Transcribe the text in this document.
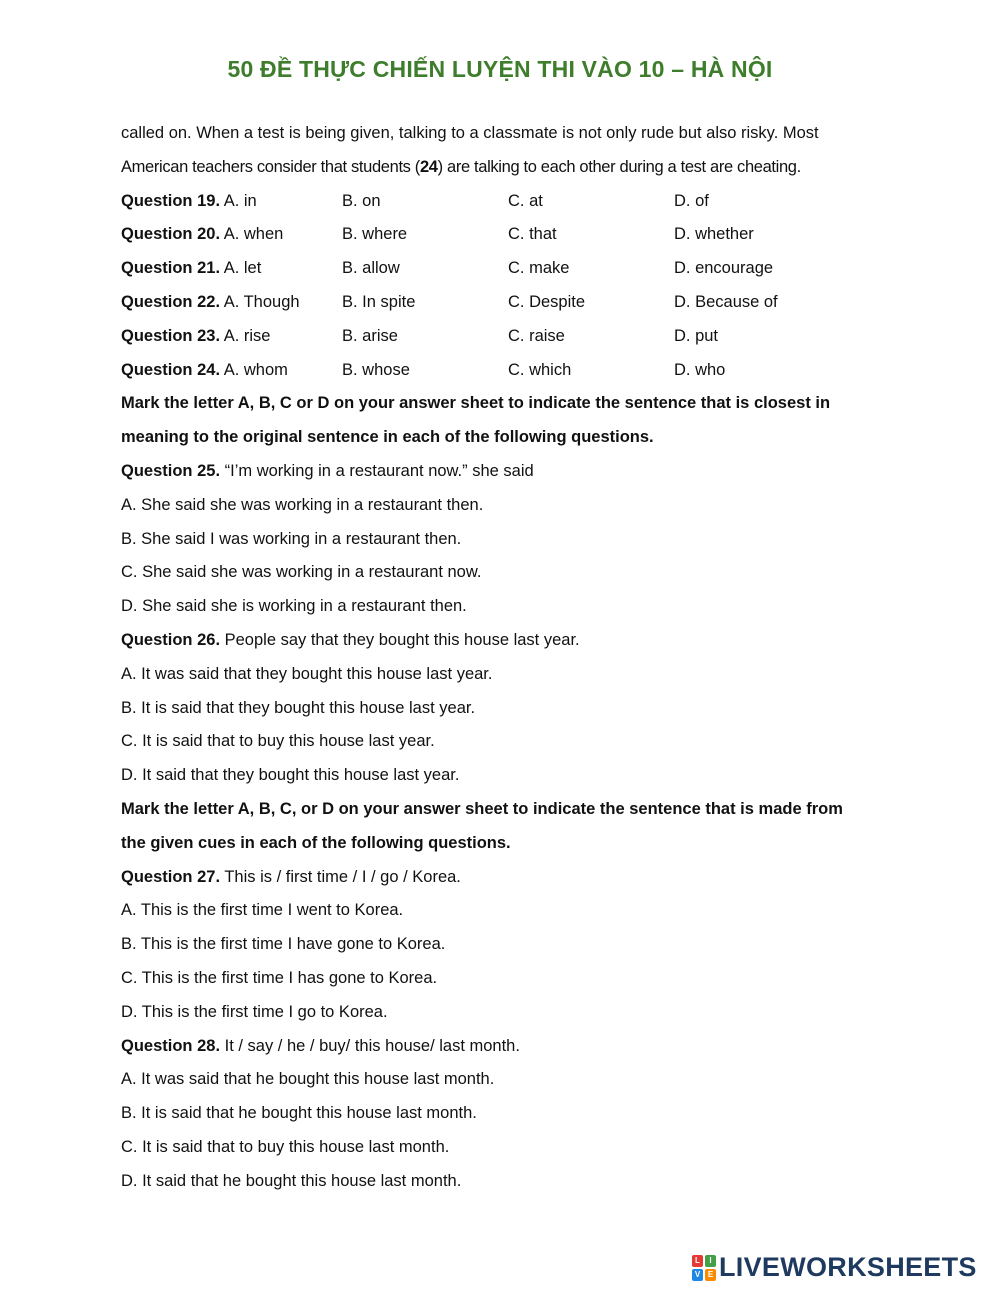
50 ĐỀ THỰC CHIẾN LUYỆN THI VÀO 10 – HÀ NỘI
called on. When a test is being given, talking to a classmate is not only rude but also risky. Most
American teachers consider that students (24) are talking to each other during a test are cheating.
Question 19. A. in	B. on	C. at	D. of
Question 20. A. when	B. where	C. that	D. whether
Question 21. A. let	B. allow	C. make	D. encourage
Question 22. A. Though	B. In spite	C. Despite	D. Because of
Question 23. A. rise	B. arise	C. raise	D. put
Question 24. A. whom	B. whose	C. which	D. who
Mark the letter A, B, C or D on your answer sheet to indicate the sentence that is closest in
meaning to the original sentence in each of the following questions.
Question 25. “I’m working in a restaurant now.” she said
A. She said she was working in a restaurant then.
B. She said I was working in a restaurant then.
C. She said she was working in a restaurant now.
D. She said she is working in a restaurant then.
Question 26. People say that they bought this house last year.
A. It was said that they bought this house last year.
B. It is said that they bought this house last year.
C. It is said that to buy this house last year.
D. It said that they bought this house last year.
Mark the letter A, B, C, or D on your answer sheet to indicate the sentence that is made from
the given cues in each of the following questions.
Question 27. This is / first time / I / go / Korea.
A. This is the first time I went to Korea.
B. This is the first time I have gone to Korea.
C. This is the first time I has gone to Korea.
D. This is the first time I go to Korea.
Question 28. It / say / he / buy/ this house/ last month.
A. It was said that he bought this house last month.
B. It is said that he bought this house last month.
C. It is said that to buy this house last month.
D. It said that he bought this house last month.
L	I
V E LIVEWORKSHEETS
